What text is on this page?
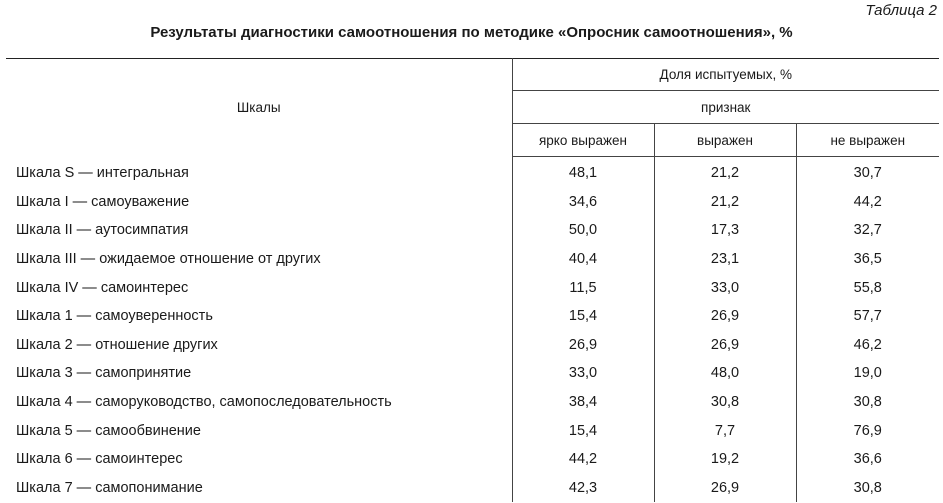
Таблица 2
Результаты диагностики самоотношения по методике «Опросник самоотношения», %
Шкалы	Доля испытуемых, %		
	признак		
	ярко выражен	выражен	не выражен
Шкала S — интегральная	48,1	21,2	30,7
Шкала I — самоуважение	34,6	21,2	44,2
Шкала II — аутосимпатия	50,0	17,3	32,7
Шкала III — ожидаемое отношение от других	40,4	23,1	36,5
Шкала IV — самоинтерес	11,5	33,0	55,8
Шкала 1 — самоуверенность	15,4	26,9	57,7
Шкала 2 — отношение других	26,9	26,9	46,2
Шкала 3 — самопринятие	33,0	48,0	19,0
Шкала 4 — саморуководство, самопоследовательность	38,4	30,8	30,8
Шкала 5 — самообвинение	15,4	7,7	76,9
Шкала 6 — самоинтерес	44,2	19,2	36,6
Шкала 7 — самопонимание	42,3	26,9	30,8
